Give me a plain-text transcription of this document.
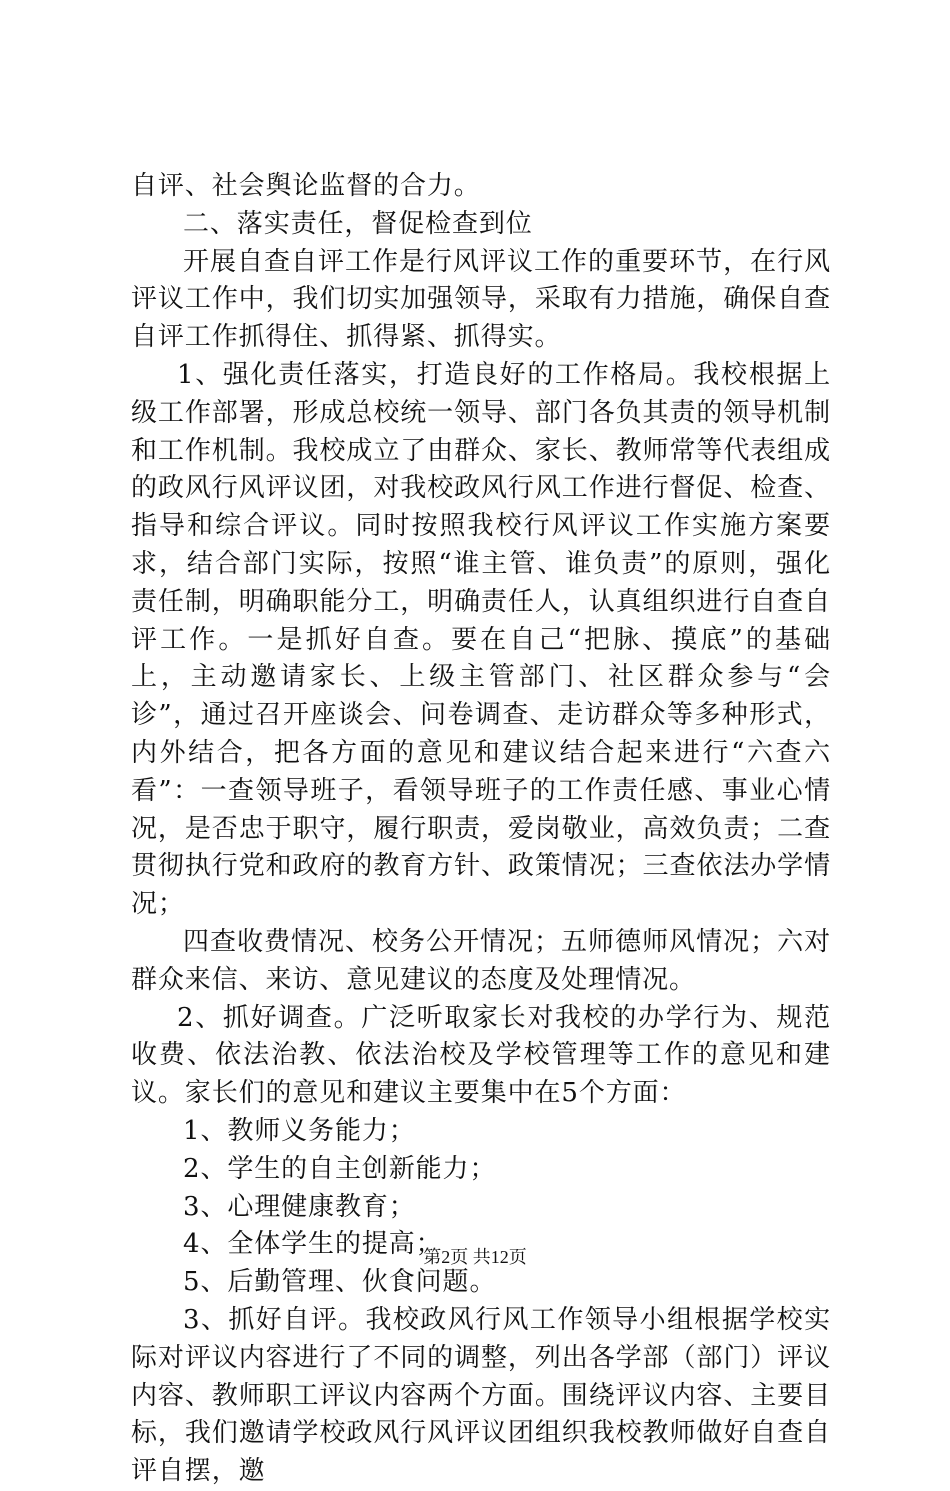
自评、社会舆论监督的合力。

二、落实责任，督促检查到位

开展自查自评工作是行风评议工作的重要环节，在行风评议工作中，我们切实加强领导，采取有力措施，确保自查自评工作抓得住、抓得紧、抓得实。

1、强化责任落实，打造良好的工作格局。我校根据上级工作部署，形成总校统一领导、部门各负其责的领导机制和工作机制。我校成立了由群众、家长、教师常等代表组成的政风行风评议团，对我校政风行风工作进行督促、检查、指导和综合评议。同时按照我校行风评议工作实施方案要求，结合部门实际，按照“谁主管、谁负责”的原则，强化责任制，明确职能分工，明确责任人，认真组织进行自查自评工作。一是抓好自查。要在自己“把脉、摸底”的基础上，主动邀请家长、上级主管部门、社区群众参与“会诊”，通过召开座谈会、问卷调查、走访群众等多种形式，内外结合，把各方面的意见和建议结合起来进行“六查六看”：一查领导班子，看领导班子的工作责任感、事业心情况，是否忠于职守，履行职责，爱岗敬业，高效负责；二查贯彻执行党和政府的教育方针、政策情况；三查依法办学情况；

四查收费情况、校务公开情况；五师德师风情况；六对群众来信、来访、意见建议的态度及处理情况。

2、抓好调查。广泛听取家长对我校的办学行为、规范收费、依法治教、依法治校及学校管理等工作的意见和建议。家长们的意见和建议主要集中在5个方面：

1、教师义务能力；

2、学生的自主创新能力；

3、心理健康教育；

4、全体学生的提高；

5、后勤管理、伙食问题。

3、抓好自评。我校政风行风工作领导小组根据学校实际对评议内容进行了不同的调整，列出各学部（部门）评议内容、教师职工评议内容两个方面。围绕评议内容、主要目标，我们邀请学校政风行风评议团组织我校教师做好自查自评自摆，邀

第2页 共12页
